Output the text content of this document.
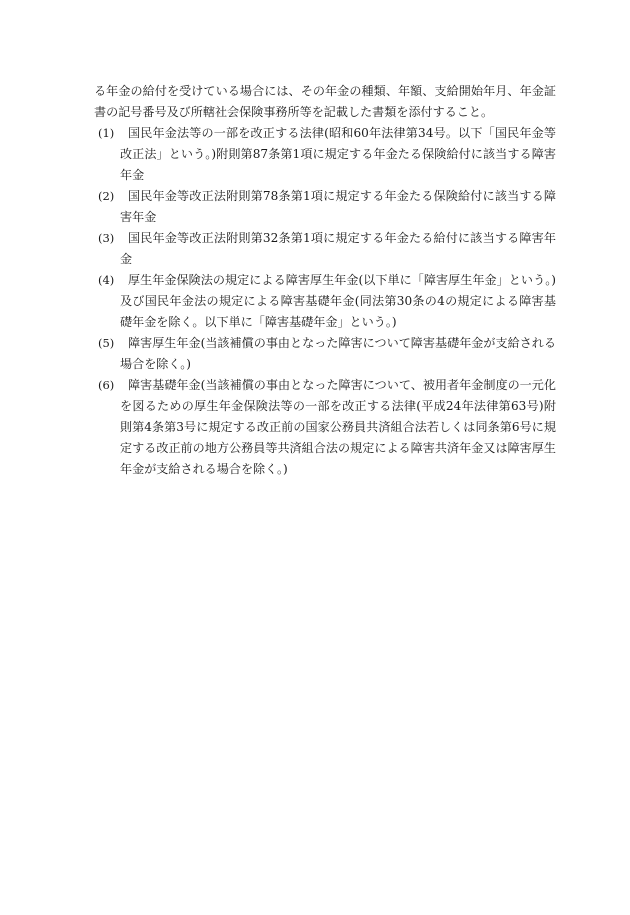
る年金の給付を受けている場合には、その年金の種類、年額、支給開始年月、年金証書の記号番号及び所轄社会保険事務所等を記載した書類を添付すること。

(1)	国民年金法等の一部を改正する法律(昭和60年法律第34号。以下「国民年金等改正法」という。)附則第87条第1項に規定する年金たる保険給付に該当する障害年金
(2)	国民年金等改正法附則第78条第1項に規定する年金たる保険給付に該当する障害年金
(3)	国民年金等改正法附則第32条第1項に規定する年金たる給付に該当する障害年金
(4)	厚生年金保険法の規定による障害厚生年金(以下単に「障害厚生年金」という。)及び国民年金法の規定による障害基礎年金(同法第30条の4の規定による障害基礎年金を除く。以下単に「障害基礎年金」という。)
(5)	障害厚生年金(当該補償の事由となった障害について障害基礎年金が支給される場合を除く。)
(6)	障害基礎年金(当該補償の事由となった障害について、被用者年金制度の一元化を図るための厚生年金保険法等の一部を改正する法律(平成24年法律第63号)附則第4条第3号に規定する改正前の国家公務員共済組合法若しくは同条第6号に規定する改正前の地方公務員等共済組合法の規定による障害共済年金又は障害厚生年金が支給される場合を除く。)
